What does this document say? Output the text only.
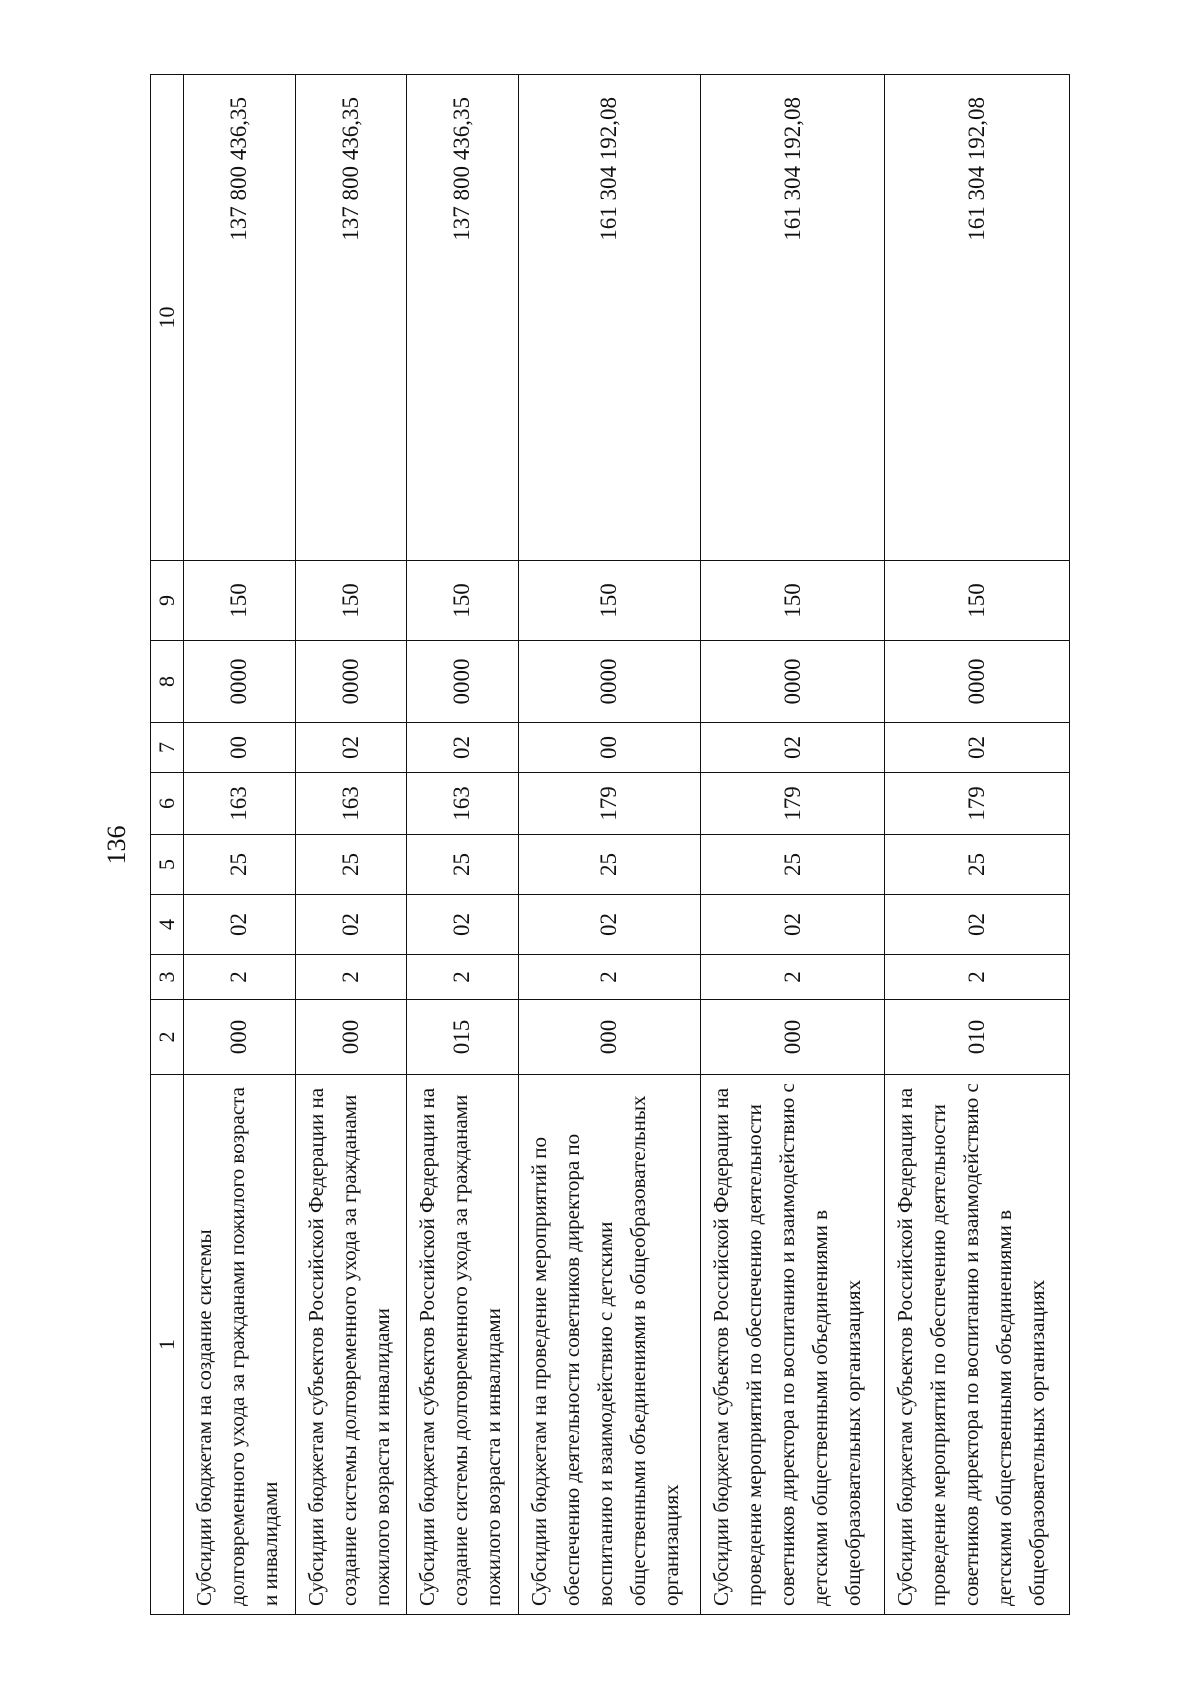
136
1	2	3	4	5	6	7	8	9	10
Субсидии бюджетам на создание системы долговременного ухода за гражданами пожилого возраста и инвалидами	000	2	02	25	163	00	0000	150	137 800 436,35
Субсидии бюджетам субъектов Российской Федерации на создание системы долговременного ухода за гражданами пожилого возраста и инвалидами	000	2	02	25	163	02	0000	150	137 800 436,35
Субсидии бюджетам субъектов Российской Федерации на создание системы долговременного ухода за гражданами пожилого возраста и инвалидами	015	2	02	25	163	02	0000	150	137 800 436,35
Субсидии бюджетам на проведение мероприятий по обеспечению деятельности советников директора по воспитанию и взаимодействию с детскими общественными объединениями в общеобразовательных организациях	000	2	02	25	179	00	0000	150	161 304 192,08
Субсидии бюджетам субъектов Российской Федерации на проведение мероприятий по обеспечению деятельности советников директора по воспитанию и взаимодействию с детскими общественными объединениями в общеобразовательных организациях	000	2	02	25	179	02	0000	150	161 304 192,08
Субсидии бюджетам субъектов Российской Федерации на проведение мероприятий по обеспечению деятельности советников директора по воспитанию и взаимодействию с детскими общественными объединениями в общеобразовательных организациях	010	2	02	25	179	02	0000	150	161 304 192,08
